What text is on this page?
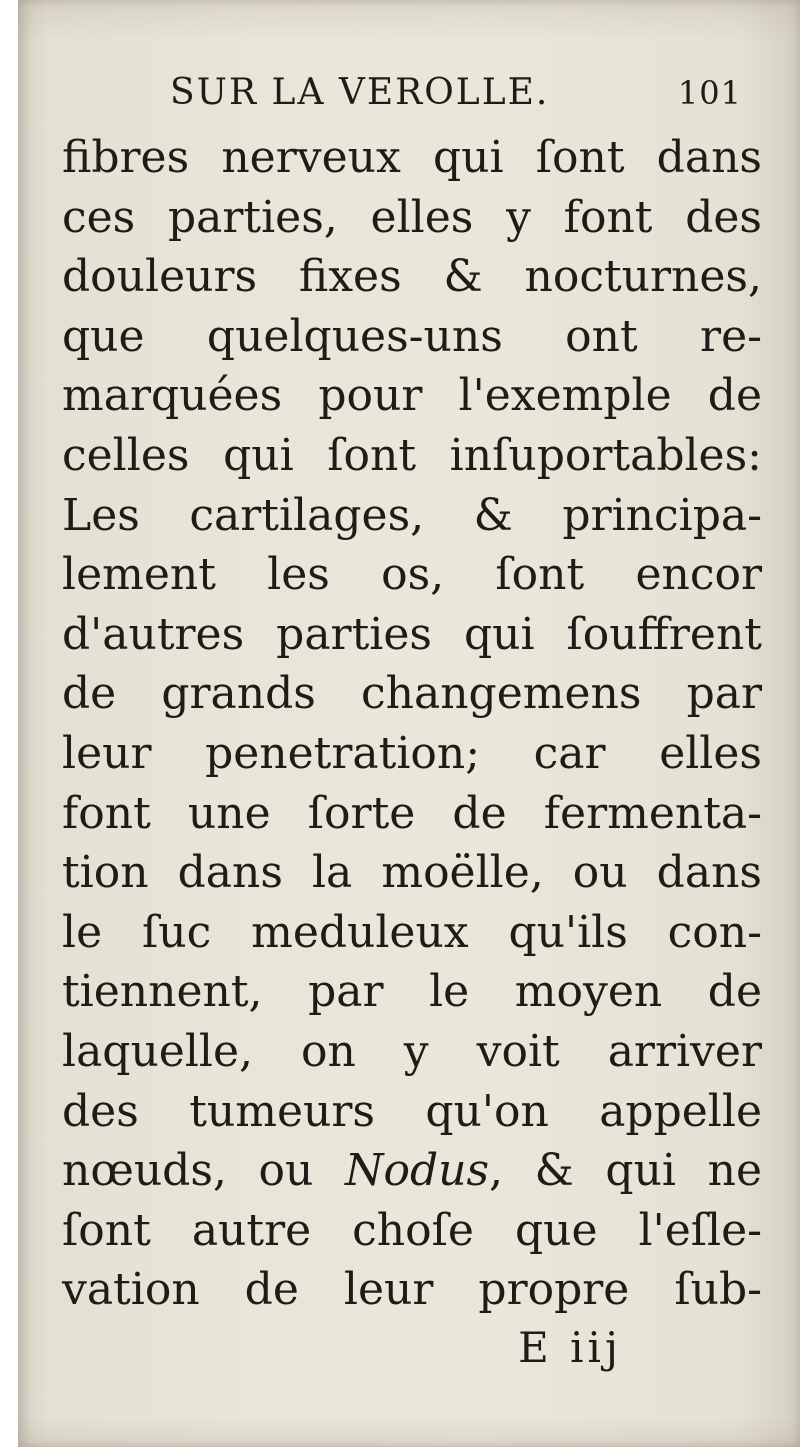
SUR LA VEROLLE.	101
fibres nerveux qui ſont dans
ces parties, elles y font des
douleurs fixes & nocturnes,
que quelques-uns ont re-
marquées pour l'exemple de
celles qui ſont inſuportables:
Les cartilages, & principa-
lement les os, ſont encor
d'autres parties qui ſouffrent
de grands changemens par
leur penetration; car elles
font une ſorte de fermenta-
tion dans la moëlle, ou dans
le ſuc meduleux qu'ils con-
tiennent, par le moyen de
laquelle, on y voit arriver
des tumeurs qu'on appelle
nœuds, ou Nodus, & qui ne
ſont autre choſe que l'eſle-
vation de leur propre ſub-
E iij
